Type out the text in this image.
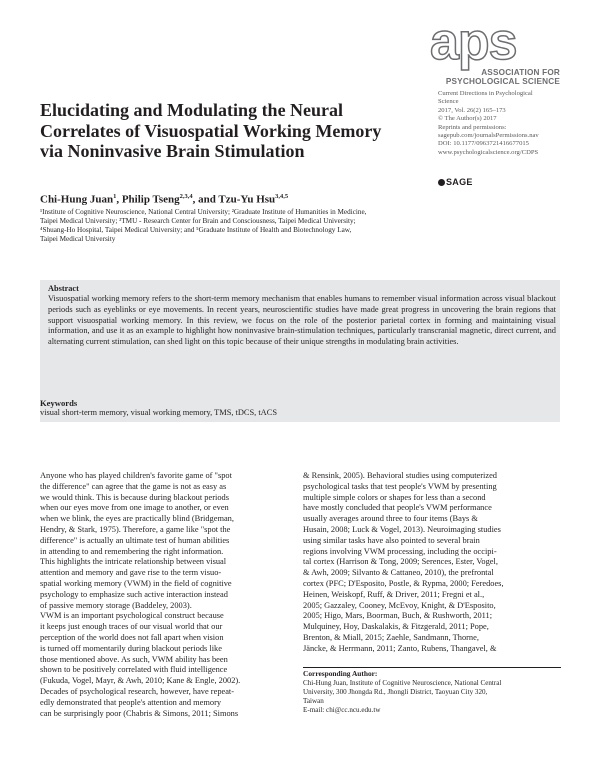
aps
ASSOCIATION FOR
PSYCHOLOGICAL SCIENCE
Elucidating and Modulating the Neural
Correlates of Visuospatial Working Memory
via Noninvasive Brain Stimulation
Current Directions in Psychological
Science
2017, Vol. 26(2) 165–173
© The Author(s) 2017
Reprints and permissions:
sagepub.com/journalsPermissions.nav
DOI: 10.1177/0963721416677015
www.psychologicalscience.org/CDPS
SAGE
Chi-Hung Juan$^1$, Philip Tseng$^{2,3,4}$, and Tzu-Yu Hsu$^{3,4,5}$
¹Institute of Cognitive Neuroscience, National Central University; ²Graduate Institute of Humanities in Medicine,
Taipei Medical University; ³TMU - Research Center for Brain and Consciousness, Taipei Medical University;
⁴Shuang-Ho Hospital, Taipei Medical University; and ⁵Graduate Institute of Health and Biotechnology Law,
Taipei Medical University
Abstract
Visuospatial working memory refers to the short-term memory mechanism that enables humans to remember visual information across visual blackout periods such as eyeblinks or eye movements. In recent years, neuroscientific studies have made great progress in uncovering the brain regions that support visuospatial working memory. In this review, we focus on the role of the posterior parietal cortex in forming and maintaining visual information, and use it as an example to highlight how noninvasive brain-stimulation techniques, particularly transcranial magnetic, direct current, and alternating current stimulation, can shed light on this topic because of their unique strengths in modulating brain activities.
Keywords
visual short-term memory, visual working memory, TMS, tDCS, tACS
Anyone who has played children's favorite game of "spot
the difference" can agree that the game is not as easy as
we would think. This is because during blackout periods
when our eyes move from one image to another, or even
when we blink, the eyes are practically blind (Bridgeman,
Hendry, & Stark, 1975). Therefore, a game like "spot the
difference" is actually an ultimate test of human abilities
in attending to and remembering the right information.
This highlights the intricate relationship between visual
attention and memory and gave rise to the term visuo-
spatial working memory (VWM) in the field of cognitive
psychology to emphasize such active interaction instead
of passive memory storage (Baddeley, 2003).
VWM is an important psychological construct because
it keeps just enough traces of our visual world that our
perception of the world does not fall apart when vision
is turned off momentarily during blackout periods like
those mentioned above. As such, VWM ability has been
shown to be positively correlated with fluid intelligence
(Fukuda, Vogel, Mayr, & Awh, 2010; Kane & Engle, 2002).
Decades of psychological research, however, have repeat-
edly demonstrated that people's attention and memory
can be surprisingly poor (Chabris & Simons, 2011; Simons
& Rensink, 2005). Behavioral studies using computerized
psychological tasks that test people's VWM by presenting
multiple simple colors or shapes for less than a second
have mostly concluded that people's VWM performance
usually averages around three to four items (Bays &
Husain, 2008; Luck & Vogel, 2013). Neuroimaging studies
using similar tasks have also pointed to several brain
regions involving VWM processing, including the occipi-
tal cortex (Harrison & Tong, 2009; Serences, Ester, Vogel,
& Awh, 2009; Silvanto & Cattaneo, 2010), the prefrontal
cortex (PFC; D'Esposito, Postle, & Rypma, 2000; Feredoes,
Heinen, Weiskopf, Ruff, & Driver, 2011; Fregni et al.,
2005; Gazzaley, Cooney, McEvoy, Knight, & D'Esposito,
2005; Higo, Mars, Boorman, Buch, & Rushworth, 2011;
Mulquiney, Hoy, Daskalakis, & Fitzgerald, 2011; Pope,
Brenton, & Miall, 2015; Zaehle, Sandmann, Thorne,
Jäncke, & Herrmann, 2011; Zanto, Rubens, Thangavel, &
Corresponding Author:
Chi-Hung Juan, Institute of Cognitive Neuroscience, National Central
University, 300 Jhongda Rd., Jhongli District, Taoyuan City 320,
Taiwan
E-mail: chi@cc.ncu.edu.tw
